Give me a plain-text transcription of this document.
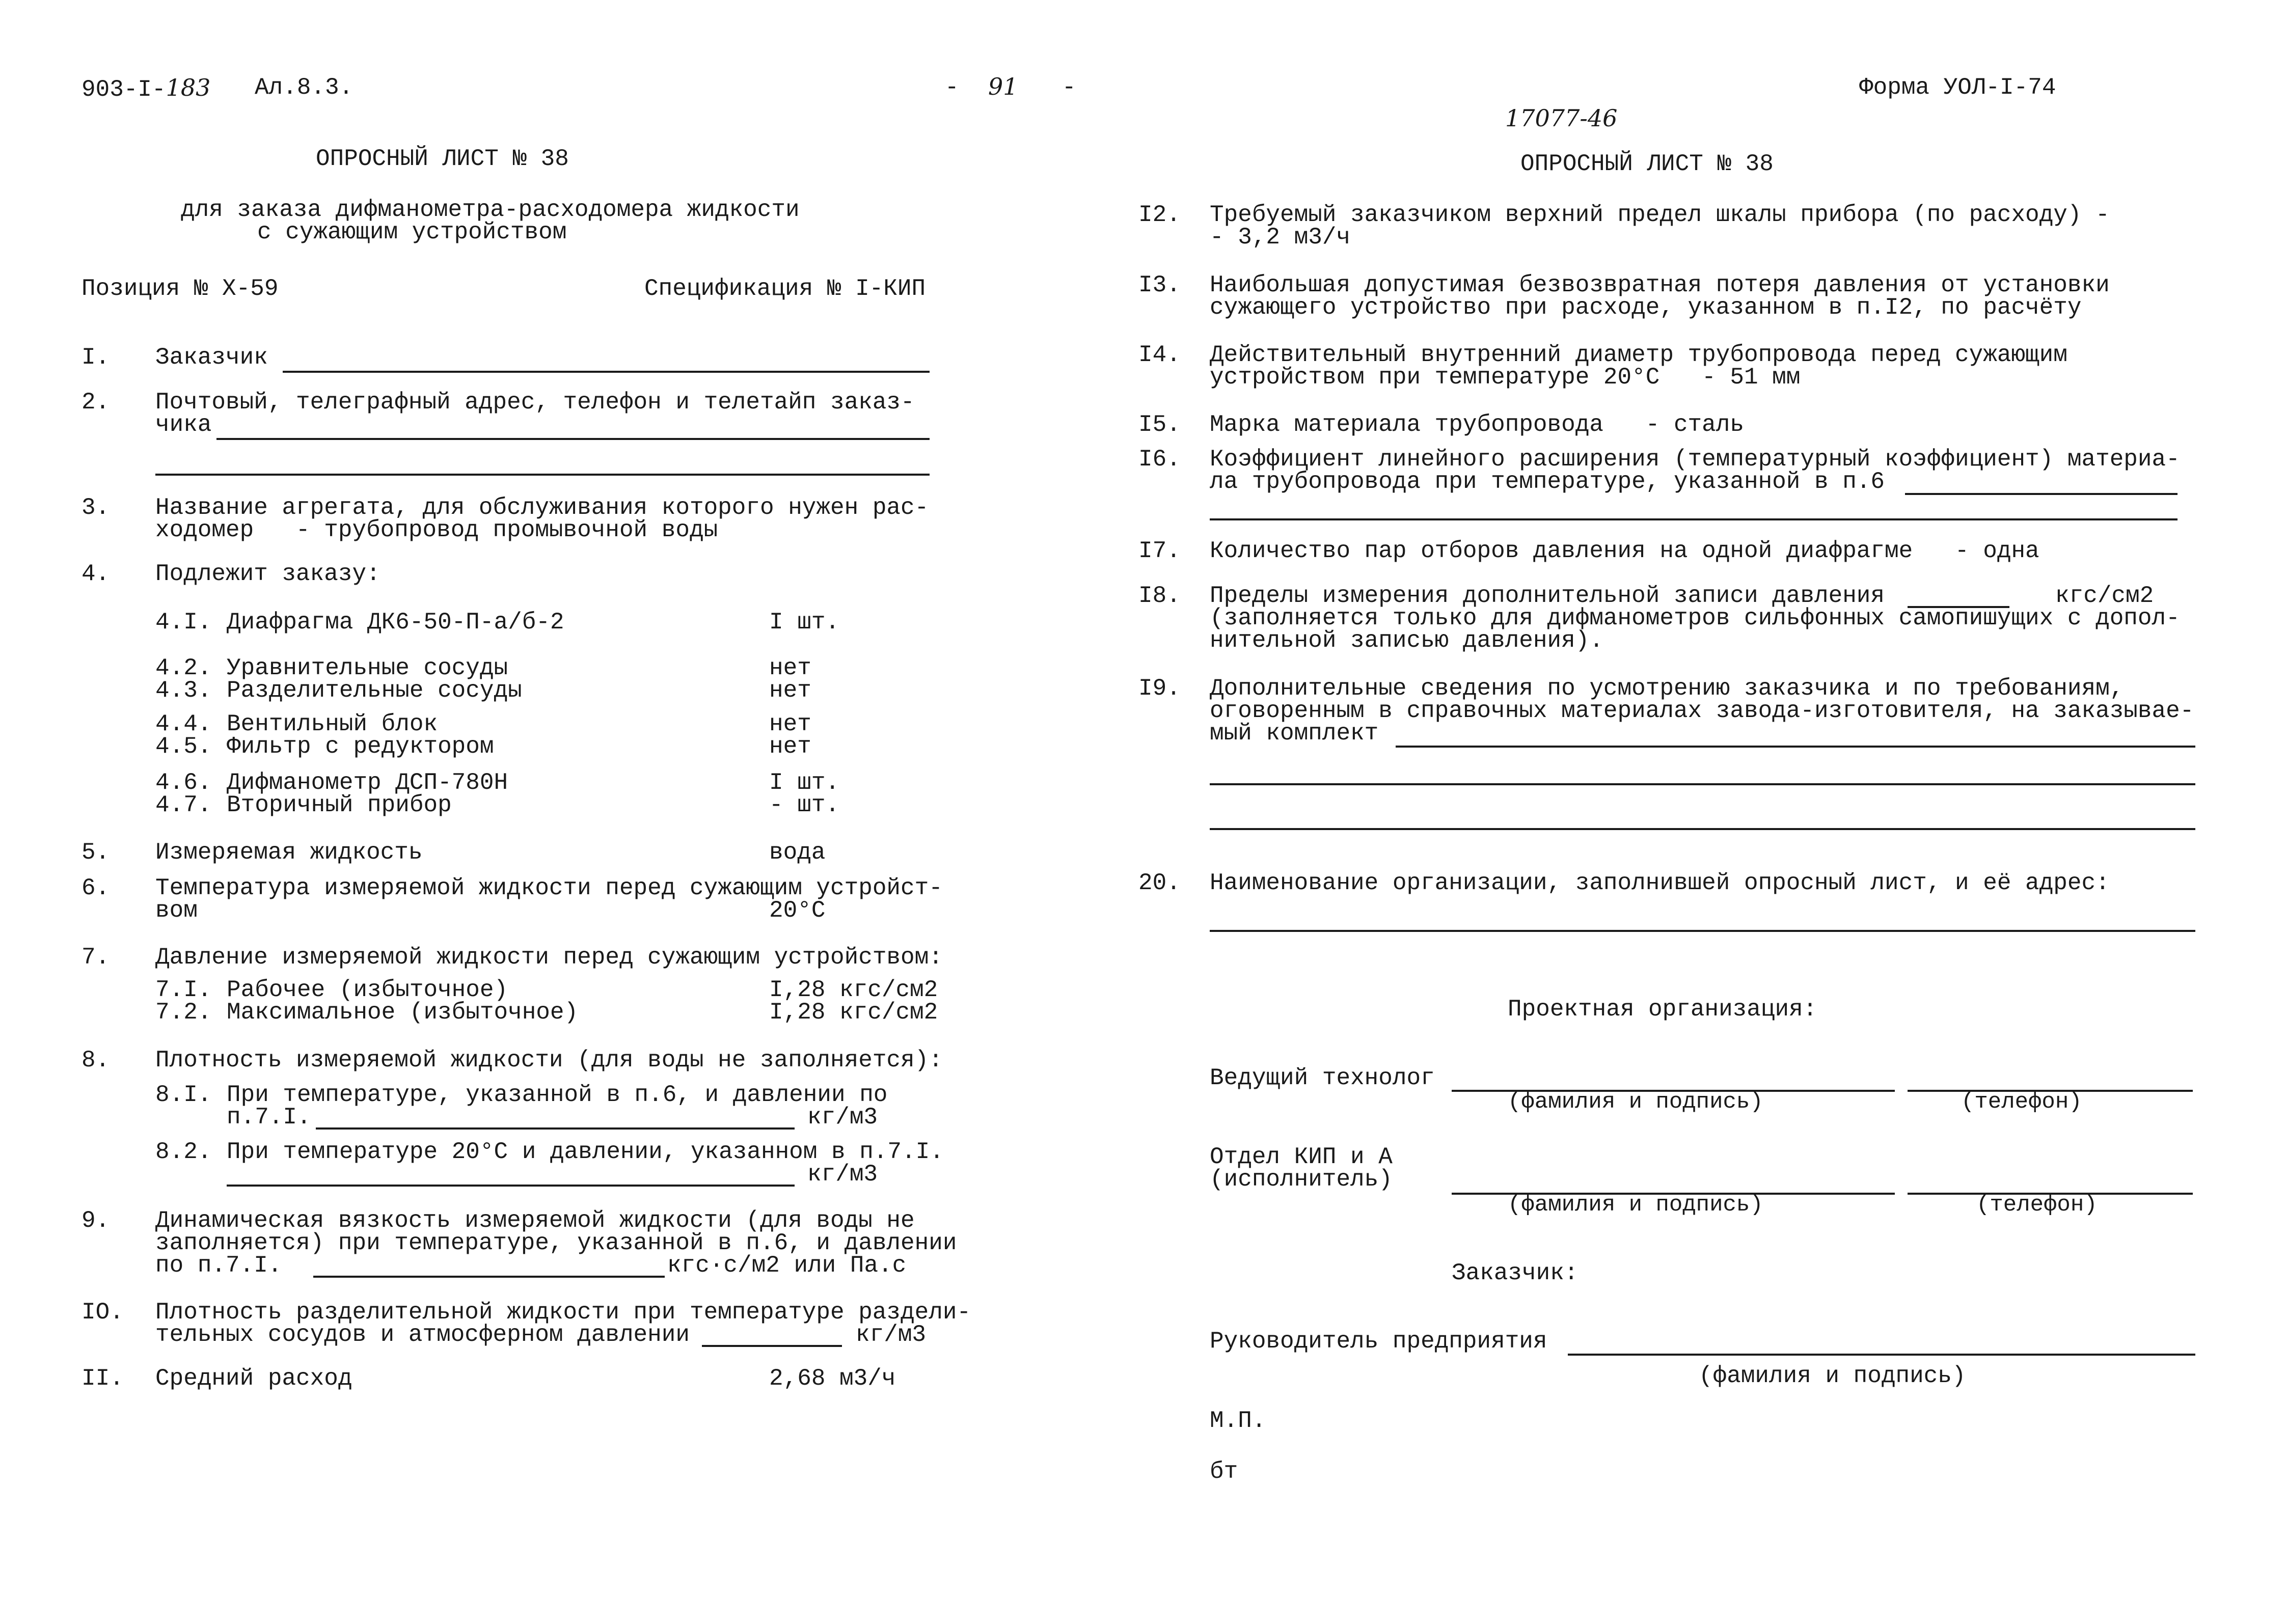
903-I-183 Ал.8.3.	- 91 -
ОПРОСНЫЙ ЛИСТ № 38
для заказа дифманометра-расходомера жидкости
с сужающим устройством
Позиция № Х-59	Спецификация № I-КИП
I. Заказчик
2. Почтовый, телеграфный адрес, телефон и телетайп заказ-
чика
3. Название агрегата, для обслуживания которого нужен рас-
ходомер   - трубопровод промывочной воды
4. Подлежит заказу:
4.I. Диафрагма ДК6-50-П-а/б-2	I шт.
4.2. Уравнительные сосуды	нет
4.3. Разделительные сосуды	нет
4.4. Вентильный блок	нет
4.5. Фильтр с редуктором	нет
4.6. Дифманометр ДСП-780Н	I шт.
4.7. Вторичный прибор	- шт.
5. Измеряемая жидкость	вода
6. Температура измеряемой жидкости перед сужающим устройст-
вом	20°С
7. Давление измеряемой жидкости перед сужающим устройством:
7.I. Рабочее (избыточное)	I,28 кгс/см2
7.2. Максимальное (избыточное)	I,28 кгс/см2
8. Плотность измеряемой жидкости (для воды не заполняется):
8.I. При температуре, указанной в п.6, и давлении по
п.7.I.	кг/м3
8.2. При температуре 20°С и давлении, указанном в п.7.I.
кг/м3
9. Динамическая вязкость измеряемой жидкости (для воды не
заполняется) при температуре, указанной в п.6, и давлении
по п.7.I.	кгс·с/м2 или Па.с
IO. Плотность разделительной жидкости при температуре раздели-
тельных сосудов и атмосферном давлении	кг/м3
II. Средний расход	2,68 м3/ч
Форма УОЛ-I-74
17077-46
ОПРОСНЫЙ ЛИСТ № 38
I2. Требуемый заказчиком верхний предел шкалы прибора (по расходу) -
- 3,2 м3/ч
I3. Наибольшая допустимая безвозвратная потеря давления от установки
сужающего устройство при расходе, указанном в п.I2, по расчёту
I4. Действительный внутренний диаметр трубопровода перед сужающим
устройством при температуре 20°С   - 51 мм
I5. Марка материала трубопровода   - сталь
I6. Коэффициент линейного расширения (температурный коэффициент) материа-
ла трубопровода при температуре, указанной в п.6
I7. Количество пар отборов давления на одной диафрагме   - одна
I8. Пределы измерения дополнительной записи давления	кгс/см2
(заполняется только для дифманометров сильфонных самопишущих с допол-
нительной записью давления).
I9. Дополнительные сведения по усмотрению заказчика и по требованиям,
оговоренным в справочных материалах завода-изготовителя, на заказывае-
мый комплект
20. Наименование организации, заполнившей опросный лист, и её адрес:
Проектная организация:
Ведущий технолог
(фамилия и подпись)	(телефон)
Отдел КИП и А
(исполнитель)
(фамилия и подпись)	(телефон)
Заказчик:
Руководитель предприятия
(фамилия и подпись)
М.П.
бт
